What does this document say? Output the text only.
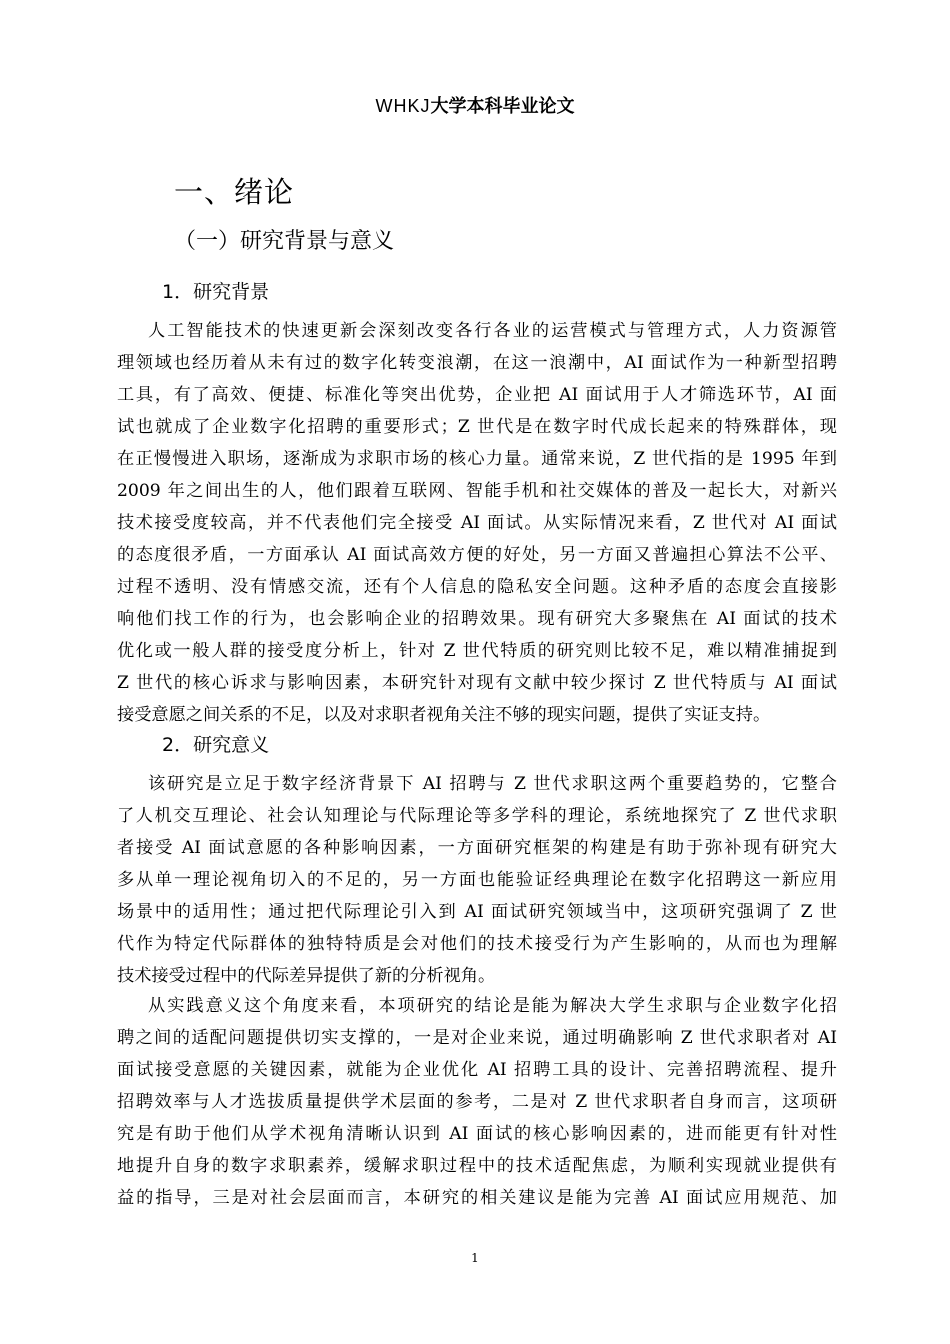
WHKJ大学本科毕业论文
一、绪论
（一）研究背景与意义
1．研究背景
人工智能技术的快速更新会深刻改变各行各业的运营模式与管理方式，人力资源管
理领域也经历着从未有过的数字化转变浪潮，在这一浪潮中，AI 面试作为一种新型招聘
工具，有了高效、便捷、标准化等突出优势，企业把 AI 面试用于人才筛选环节，AI 面
试也就成了企业数字化招聘的重要形式；Z 世代是在数字时代成长起来的特殊群体，现
在正慢慢进入职场，逐渐成为求职市场的核心力量。通常来说，Z 世代指的是 1995 年到
2009 年之间出生的人，他们跟着互联网、智能手机和社交媒体的普及一起长大，对新兴
技术接受度较高，并不代表他们完全接受 AI 面试。从实际情况来看，Z 世代对 AI 面试
的态度很矛盾，一方面承认 AI 面试高效方便的好处，另一方面又普遍担心算法不公平、
过程不透明、没有情感交流，还有个人信息的隐私安全问题。这种矛盾的态度会直接影
响他们找工作的行为，也会影响企业的招聘效果。现有研究大多聚焦在 AI 面试的技术
优化或一般人群的接受度分析上，针对 Z 世代特质的研究则比较不足，难以精准捕捉到
Z 世代的核心诉求与影响因素，本研究针对现有文献中较少探讨 Z 世代特质与 AI 面试
接受意愿之间关系的不足，以及对求职者视角关注不够的现实问题，提供了实证支持。
2．研究意义
该研究是立足于数字经济背景下 AI 招聘与 Z 世代求职这两个重要趋势的，它整合
了人机交互理论、社会认知理论与代际理论等多学科的理论，系统地探究了 Z 世代求职
者接受 AI 面试意愿的各种影响因素，一方面研究框架的构建是有助于弥补现有研究大
多从单一理论视角切入的不足的，另一方面也能验证经典理论在数字化招聘这一新应用
场景中的适用性；通过把代际理论引入到 AI 面试研究领域当中，这项研究强调了 Z 世
代作为特定代际群体的独特特质是会对他们的技术接受行为产生影响的，从而也为理解
技术接受过程中的代际差异提供了新的分析视角。
从实践意义这个角度来看，本项研究的结论是能为解决大学生求职与企业数字化招
聘之间的适配问题提供切实支撑的，一是对企业来说，通过明确影响 Z 世代求职者对 AI
面试接受意愿的关键因素，就能为企业优化 AI 招聘工具的设计、完善招聘流程、提升
招聘效率与人才选拔质量提供学术层面的参考，二是对 Z 世代求职者自身而言，这项研
究是有助于他们从学术视角清晰认识到 AI 面试的核心影响因素的，进而能更有针对性
地提升自身的数字求职素养，缓解求职过程中的技术适配焦虑，为顺利实现就业提供有
益的指导，三是对社会层面而言，本研究的相关建议是能为完善 AI 面试应用规范、加
1
